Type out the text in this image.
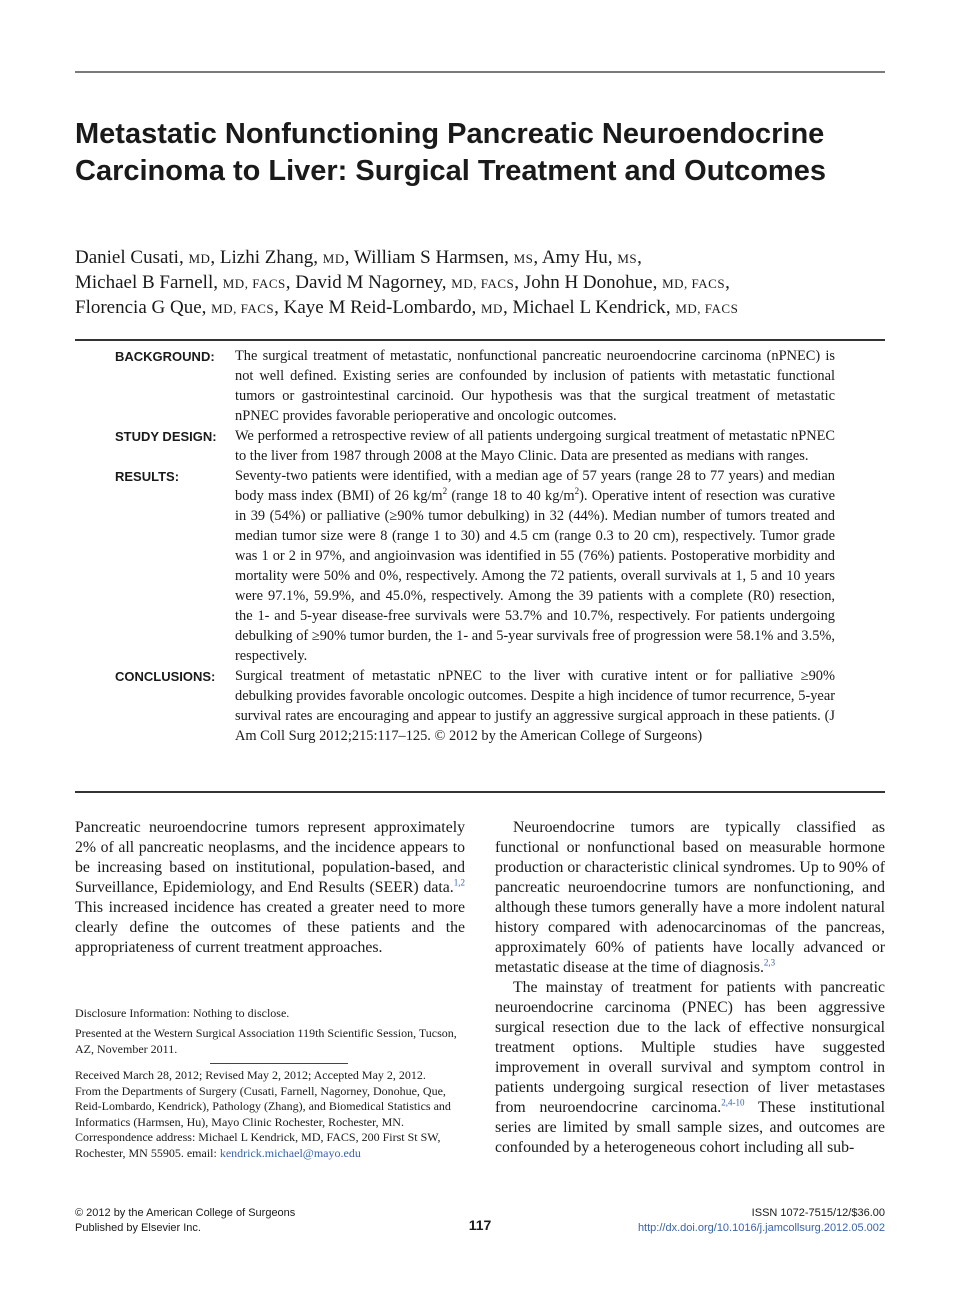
Metastatic Nonfunctioning Pancreatic Neuroendocrine Carcinoma to Liver: Surgical Treatment and Outcomes
Daniel Cusati, MD, Lizhi Zhang, MD, William S Harmsen, MS, Amy Hu, MS,
Michael B Farnell, MD, FACS, David M Nagorney, MD, FACS, John H Donohue, MD, FACS,
Florencia G Que, MD, FACS, Kaye M Reid-Lombardo, MD, Michael L Kendrick, MD, FACS
BACKGROUND: The surgical treatment of metastatic, nonfunctional pancreatic neuroendocrine carcinoma (nPNEC) is not well defined. Existing series are confounded by inclusion of patients with metastatic functional tumors or gastrointestinal carcinoid. Our hypothesis was that the surgical treatment of metastatic nPNEC provides favorable perioperative and oncologic outcomes.
STUDY DESIGN: We performed a retrospective review of all patients undergoing surgical treatment of metastatic nPNEC to the liver from 1987 through 2008 at the Mayo Clinic. Data are presented as medians with ranges.
RESULTS:	Seventy-two patients were identified, with a median age of 57 years (range 28 to 77 years) and median body mass index (BMI) of 26 $kg/m^2$ (range 18 to 40 $kg/m^2$). Operative intent of resection was curative in 39 (54%) or palliative (≥90% tumor debulking) in 32 (44%). Median number of tumors treated and median tumor size were 8 (range 1 to 30) and 4.5 cm (range 0.3 to 20 cm), respectively. Tumor grade was 1 or 2 in 97%, and angioinvasion was identified in 55 (76%) patients. Postoperative morbidity and mortality were 50% and 0%, respectively. Among the 72 patients, overall survivals at 1, 5 and 10 years were 97.1%, 59.9%, and 45.0%, respectively. Among the 39 patients with a complete (R0) resection, the 1- and 5-year disease-free survivals were 53.7% and 10.7%, respectively. For patients undergoing debulking of ≥90% tumor burden, the 1- and 5-year survivals free of progression were 58.1% and 3.5%, respectively.
CONCLUSIONS: Surgical treatment of metastatic nPNEC to the liver with curative intent or for palliative ≥90% debulking provides favorable oncologic outcomes. Despite a high incidence of tumor recurrence, 5-year survival rates are encouraging and appear to justify an aggressive surgical approach in these patients. (J Am Coll Surg 2012;215:117–125. © 2012 by the American College of Surgeons)

Pancreatic neuroendocrine tumors represent approximately 2% of all pancreatic neoplasms, and the incidence appears to be increasing based on institutional, population-based, and Surveillance, Epidemiology, and End Results (SEER) data.$^{1,2}$ This increased incidence has created a greater need to more clearly define the outcomes of these patients and the appropriateness of current treatment approaches.

Neuroendocrine tumors are typically classified as functional or nonfunctional based on measurable hormone production or characteristic clinical syndromes. Up to 90% of pancreatic neuroendocrine tumors are nonfunctioning, and although these tumors generally have a more indolent natural history compared with adenocarcinomas of the pancreas, approximately 60% of patients have locally advanced or metastatic disease at the time of diagnosis.$^{2,3}$

The mainstay of treatment for patients with pancreatic neuroendocrine carcinoma (PNEC) has been aggressive surgical resection due to the lack of effective nonsurgical treatment options. Multiple studies have suggested improvement in overall survival and symptom control in patients undergoing surgical resection of liver metastases from neuroendocrine carcinoma.$^{2,4-10}$ These institutional series are limited by small sample sizes, and outcomes are confounded by a heterogeneous cohort including all sub-

Disclosure Information: Nothing to disclose.
Presented at the Western Surgical Association 119th Scientific Session, Tucson, AZ, November 2011.
Received March 28, 2012; Revised May 2, 2012; Accepted May 2, 2012.
From the Departments of Surgery (Cusati, Farnell, Nagorney, Donohue, Que, Reid-Lombardo, Kendrick), Pathology (Zhang), and Biomedical Statistics and Informatics (Harmsen, Hu), Mayo Clinic Rochester, Rochester, MN.
Correspondence address: Michael L Kendrick, MD, FACS, 200 First St SW, Rochester, MN 55905. email: kendrick.michael@mayo.edu
© 2012 by the American College of Surgeons
Published by Elsevier Inc.	117
ISSN 1072-7515/12/$36.00
http://dx.doi.org/10.1016/j.jamcollsurg.2012.05.002
